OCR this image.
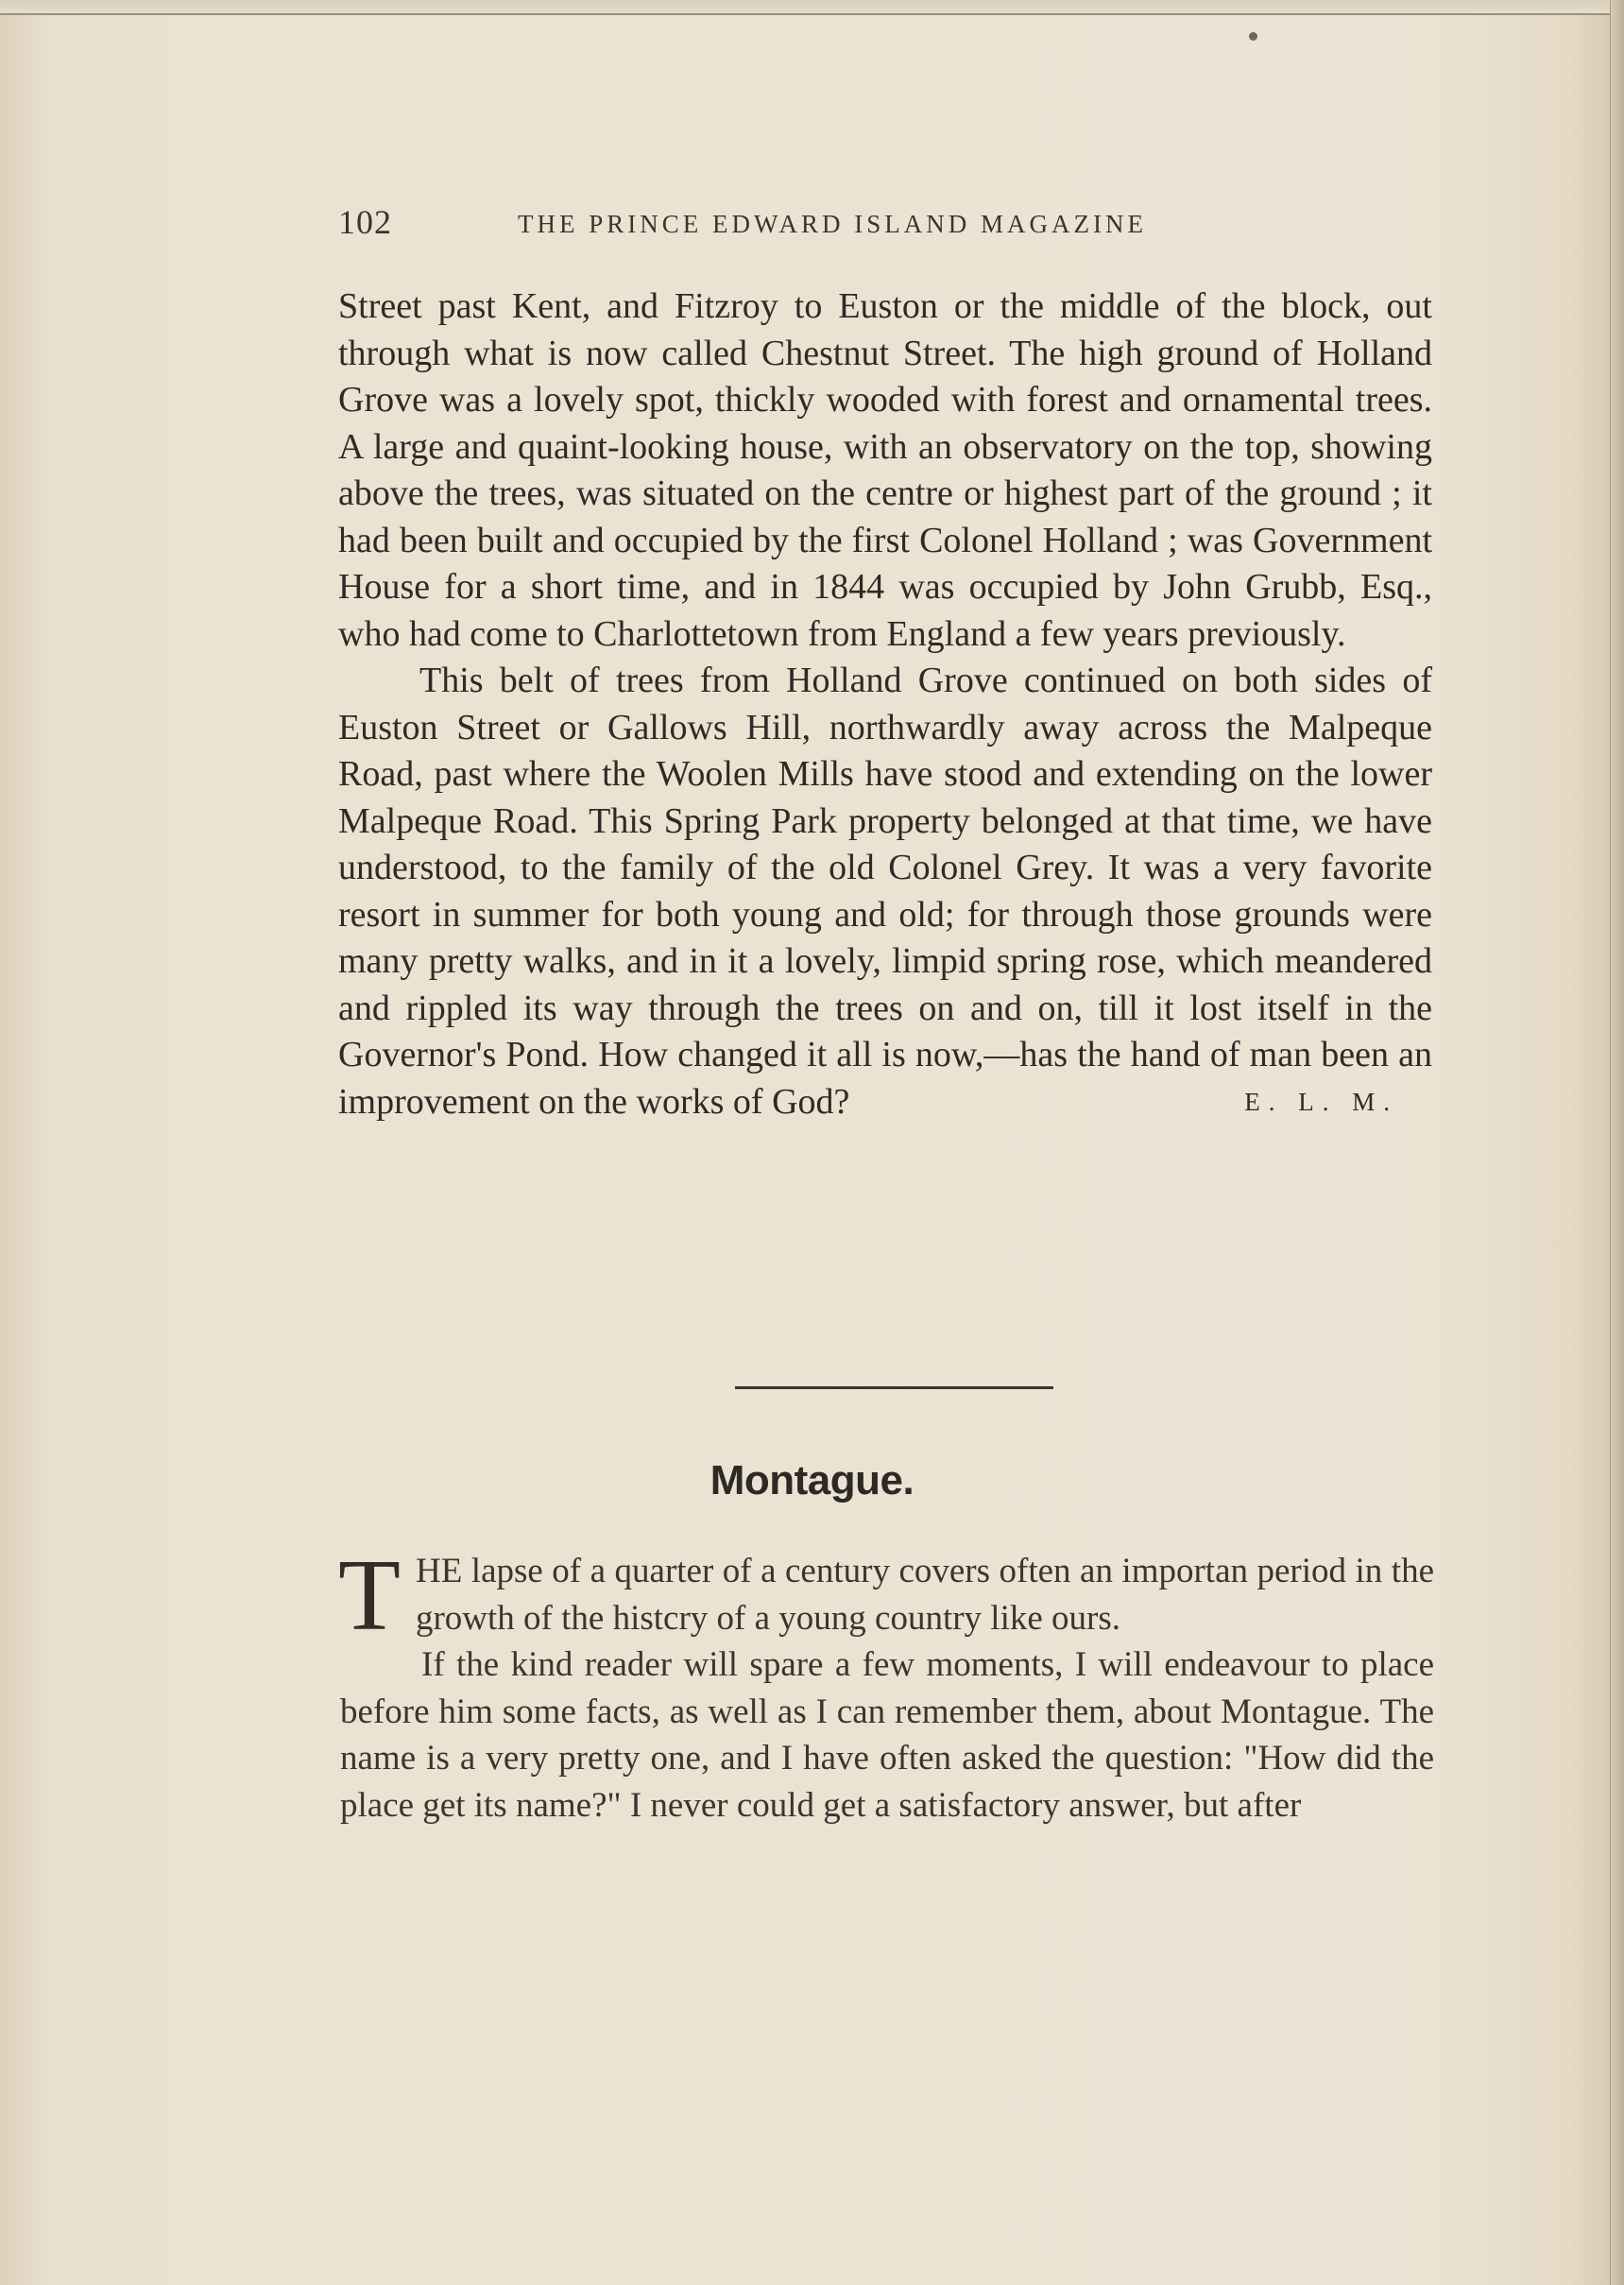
102	THE PRINCE EDWARD ISLAND MAGAZINE

Street past Kent, and Fitzroy to Euston or the middle of the block, out through what is now called Chestnut Street. The high ground of Holland Grove was a lovely spot, thickly wooded with forest and ornamental trees. A large and quaint-looking house, with an observatory on the top, showing above the trees, was situated on the centre or highest part of the ground ; it had been built and occupied by the first Colonel Holland ; was Government House for a short time, and in 1844 was occupied by John Grubb, Esq., who had come to Charlottetown from England a few years previously.

This belt of trees from Holland Grove continued on both sides of Euston Street or Gallows Hill, northwardly away across the Malpeque Road, past where the Woolen Mills have stood and extending on the lower Malpeque Road. This Spring Park property belonged at that time, we have understood, to the family of the old Colonel Grey. It was a very favorite resort in summer for both young and old; for through those grounds were many pretty walks, and in it a lovely, limpid spring rose, which meandered and rippled its way through the trees on and on, till it lost itself in the Governor's Pond. How changed it all is now,—has the hand of man been an improvement on the works of God?	E. L. M.

Montague.

THE lapse of a quarter of a century covers often an importan period in the growth of the histcry of a young country like ours.

If the kind reader will spare a few moments, I will endeavour to place before him some facts, as well as I can remember them, about Montague. The name is a very pretty one, and I have often asked the question: "How did the place get its name?" I never could get a satisfactory answer, but after
